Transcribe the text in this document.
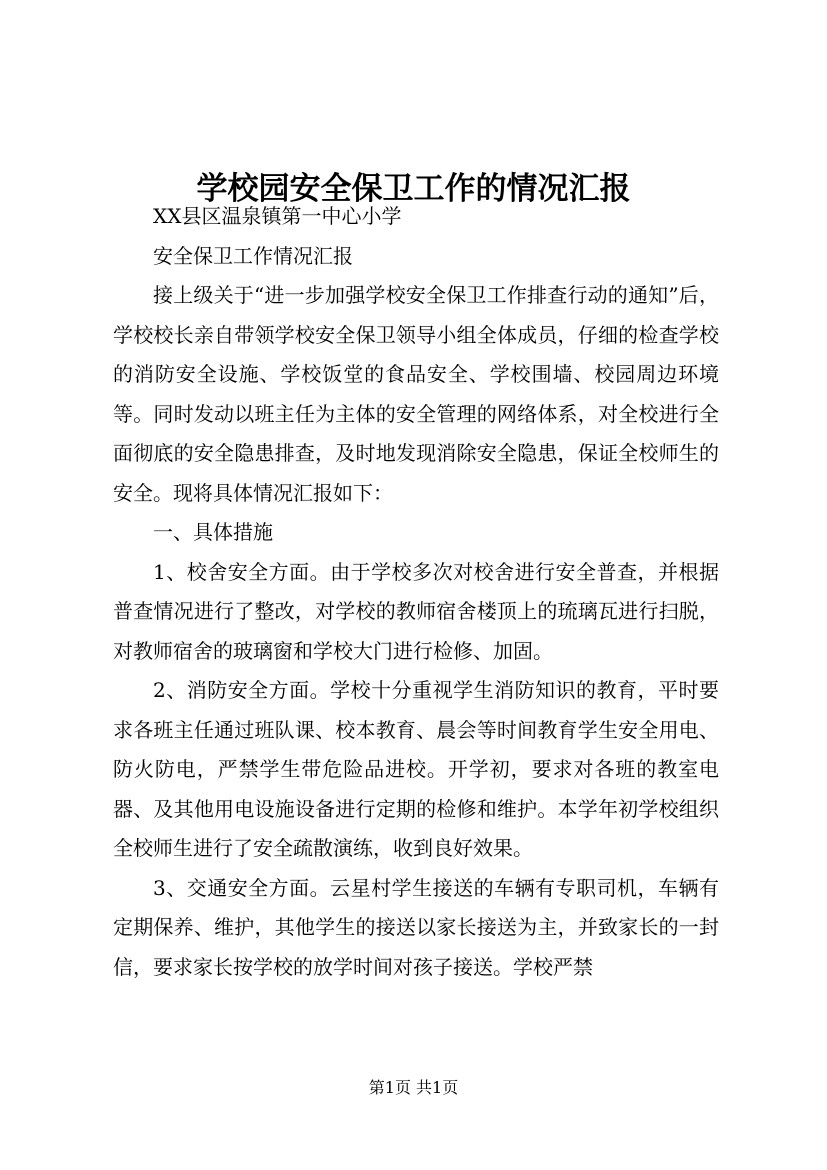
学校园安全保卫工作的情况汇报

XX县区温泉镇第一中心小学

安全保卫工作情况汇报

接上级关于“进一步加强学校安全保卫工作排查行动的通知”后，学校校长亲自带领学校安全保卫领导小组全体成员，仔细的检查学校的消防安全设施、学校饭堂的食品安全、学校围墙、校园周边环境等。同时发动以班主任为主体的安全管理的网络体系，对全校进行全面彻底的安全隐患排查，及时地发现消除安全隐患，保证全校师生的安全。现将具体情况汇报如下：

一、具体措施

1、校舍安全方面。由于学校多次对校舍进行安全普查，并根据普查情况进行了整改，对学校的教师宿舍楼顶上的琉璃瓦进行扫脱，对教师宿舍的玻璃窗和学校大门进行检修、加固。

2、消防安全方面。学校十分重视学生消防知识的教育，平时要求各班主任通过班队课、校本教育、晨会等时间教育学生安全用电、防火防电，严禁学生带危险品进校。开学初，要求对各班的教室电器、及其他用电设施设备进行定期的检修和维护。本学年初学校组织全校师生进行了安全疏散演练，收到良好效果。

3、交通安全方面。云星村学生接送的车辆有专职司机，车辆有定期保养、维护，其他学生的接送以家长接送为主，并致家长的一封信，要求家长按学校的放学时间对孩子接送。学校严禁

第1页 共1页
